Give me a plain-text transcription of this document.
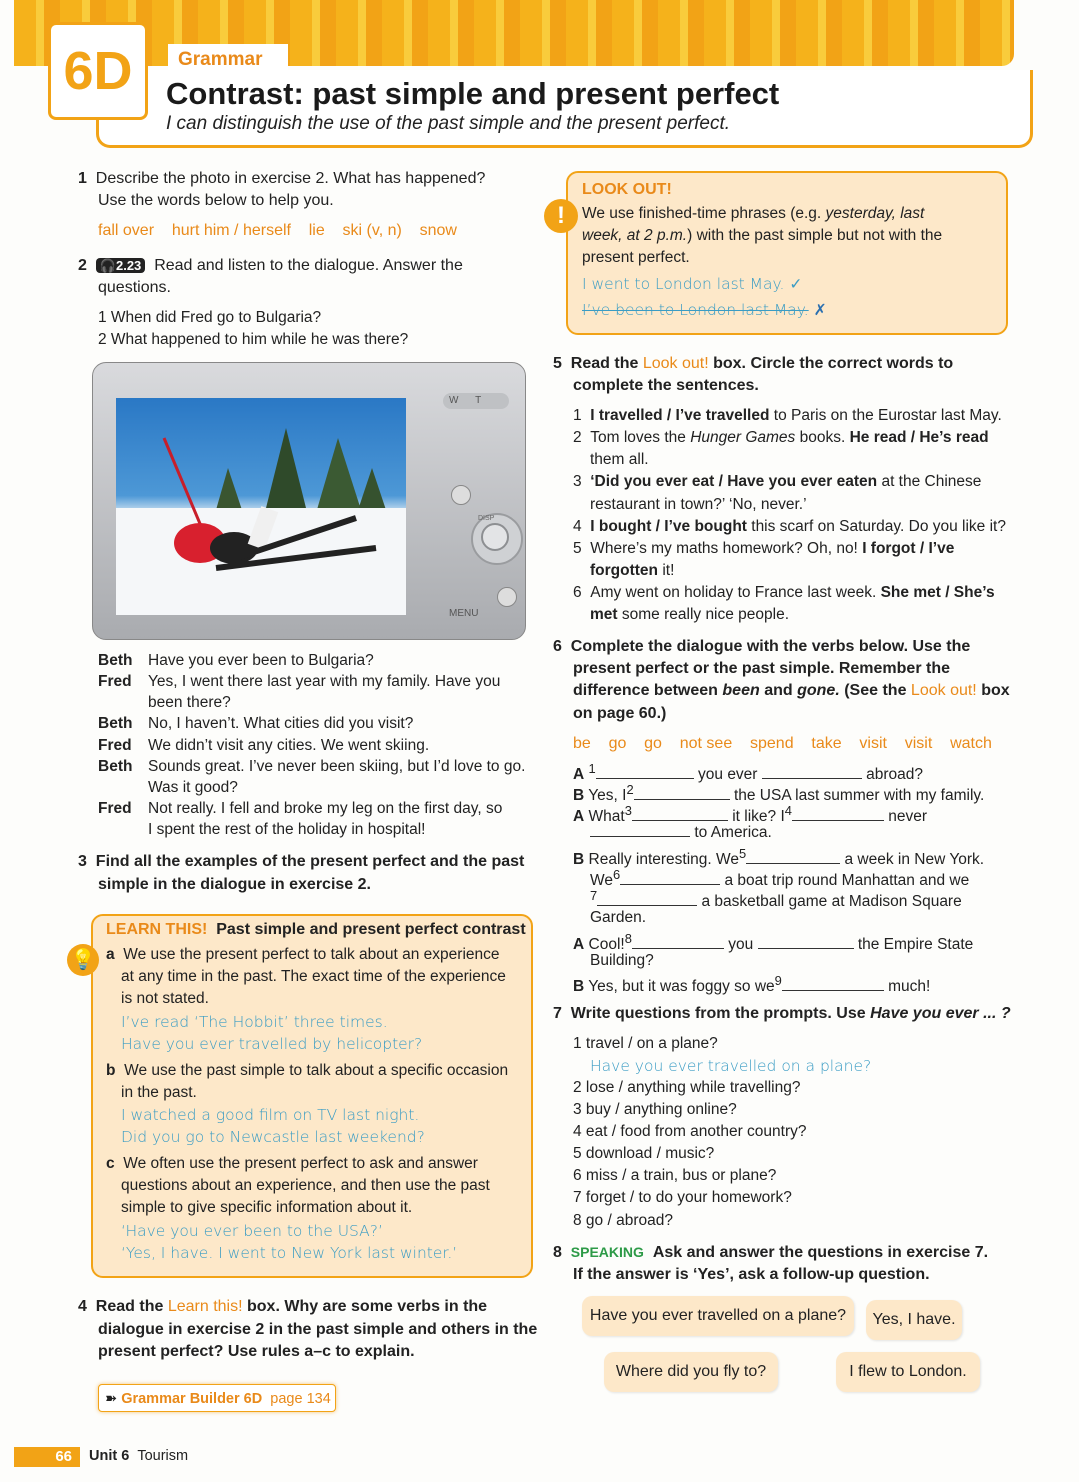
6D	Grammar
Contrast: past simple and present perfect
I can distinguish the use of the past simple and the present perfect.
1 Describe the photo in exercise 2. What has happened?
Use the words below to help you.
fall over hurt him / herself lie ski (v, n) snow
2 🎧2.23 Read and listen to the dialogue. Answer the
questions.
1 When did Fred go to Bulgaria?
2 What happened to him while he was there?
W T
DISP
MENU
Beth Have you ever been to Bulgaria?
Fred Yes, I went there last year with my family. Have you
been there?
Beth No, I haven’t. What cities did you visit?
Fred We didn’t visit any cities. We went skiing.
Beth Sounds great. I’ve never been skiing, but I’d love to go.
Was it good?
Fred Not really. I fell and broke my leg on the first day, so
I spent the rest of the holiday in hospital!
3 Find all the examples of the present perfect and the past
simple in the dialogue in exercise 2.
💡
LEARN THIS! Past simple and present perfect contrast
a We use the present perfect to talk about an experience
at any time in the past. The exact time of the experience
is not stated.
I’ve read ‘The Hobbit’ three times.
Have you ever travelled by helicopter?
b We use the past simple to talk about a specific occasion
in the past.
I watched a good film on TV last night.
Did you go to Newcastle last weekend?
c We often use the present perfect to ask and answer
questions about an experience, and then use the past
simple to give specific information about it.
‘Have you ever been to the USA?’
‘Yes, I have. I went to New York last winter.’
4 Read the Learn this! box. Why are some verbs in the
dialogue in exercise 2 in the past simple and others in the
present perfect? Use rules a–c to explain.
➽ Grammar Builder 6D page 134
66	Unit 6 Tourism
!
LOOK OUT!
We use finished-time phrases (e.g. yesterday, last
week, at 2 p.m.) with the past simple but not with the
present perfect.
I went to London last May. ✓
I’ve been to London last May. ✗
5 Read the Look out! box. Circle the correct words to
complete the sentences.
1 I travelled / I’ve travelled to Paris on the Eurostar last May.
2 Tom loves the Hunger Games books. He read / He’s read
them all.
3 ‘Did you ever eat / Have you ever eaten at the Chinese
restaurant in town?’ ‘No, never.’
4 I bought / I’ve bought this scarf on Saturday. Do you like it?
5 Where’s my maths homework? Oh, no! I forgot / I’ve
forgotten it!
6 Amy went on holiday to France last week. She met / She’s
met some really nice people.
6 Complete the dialogue with the verbs below. Use the
present perfect or the past simple. Remember the
difference between been and gone. (See the Look out! box
on page 60.)
be go go not see spend take visit visit watch
A $^1$	you ever	abroad?
B Yes, $I^2$	the USA last summer with my family.
A What$^3$	it like? $I^4$	never
to America.
B Really interesting. We$^5$	a week in New York.
We$^6$	a boat trip round Manhattan and we
$^7$	a basketball game at Madison Square
Garden.
A Cool!$^8$	you	the Empire State
Building?
B Yes, but it was foggy so $we^9$	much!
7 Write questions from the prompts. Use Have you ever ... ?
1 travel / on a plane?
Have you ever travelled on a plane?
2 lose / anything while travelling?
3 buy / anything online?
4 eat / food from another country?
5 download / music?
6 miss / a train, bus or plane?
7 forget / to do your homework?
8 go / abroad?
8 SPEAKING Ask and answer the questions in exercise 7.
If the answer is ‘Yes’, ask a follow-up question.
Have you ever travelled on a plane?	Yes, I have.
Where did you fly to?	I flew to London.
